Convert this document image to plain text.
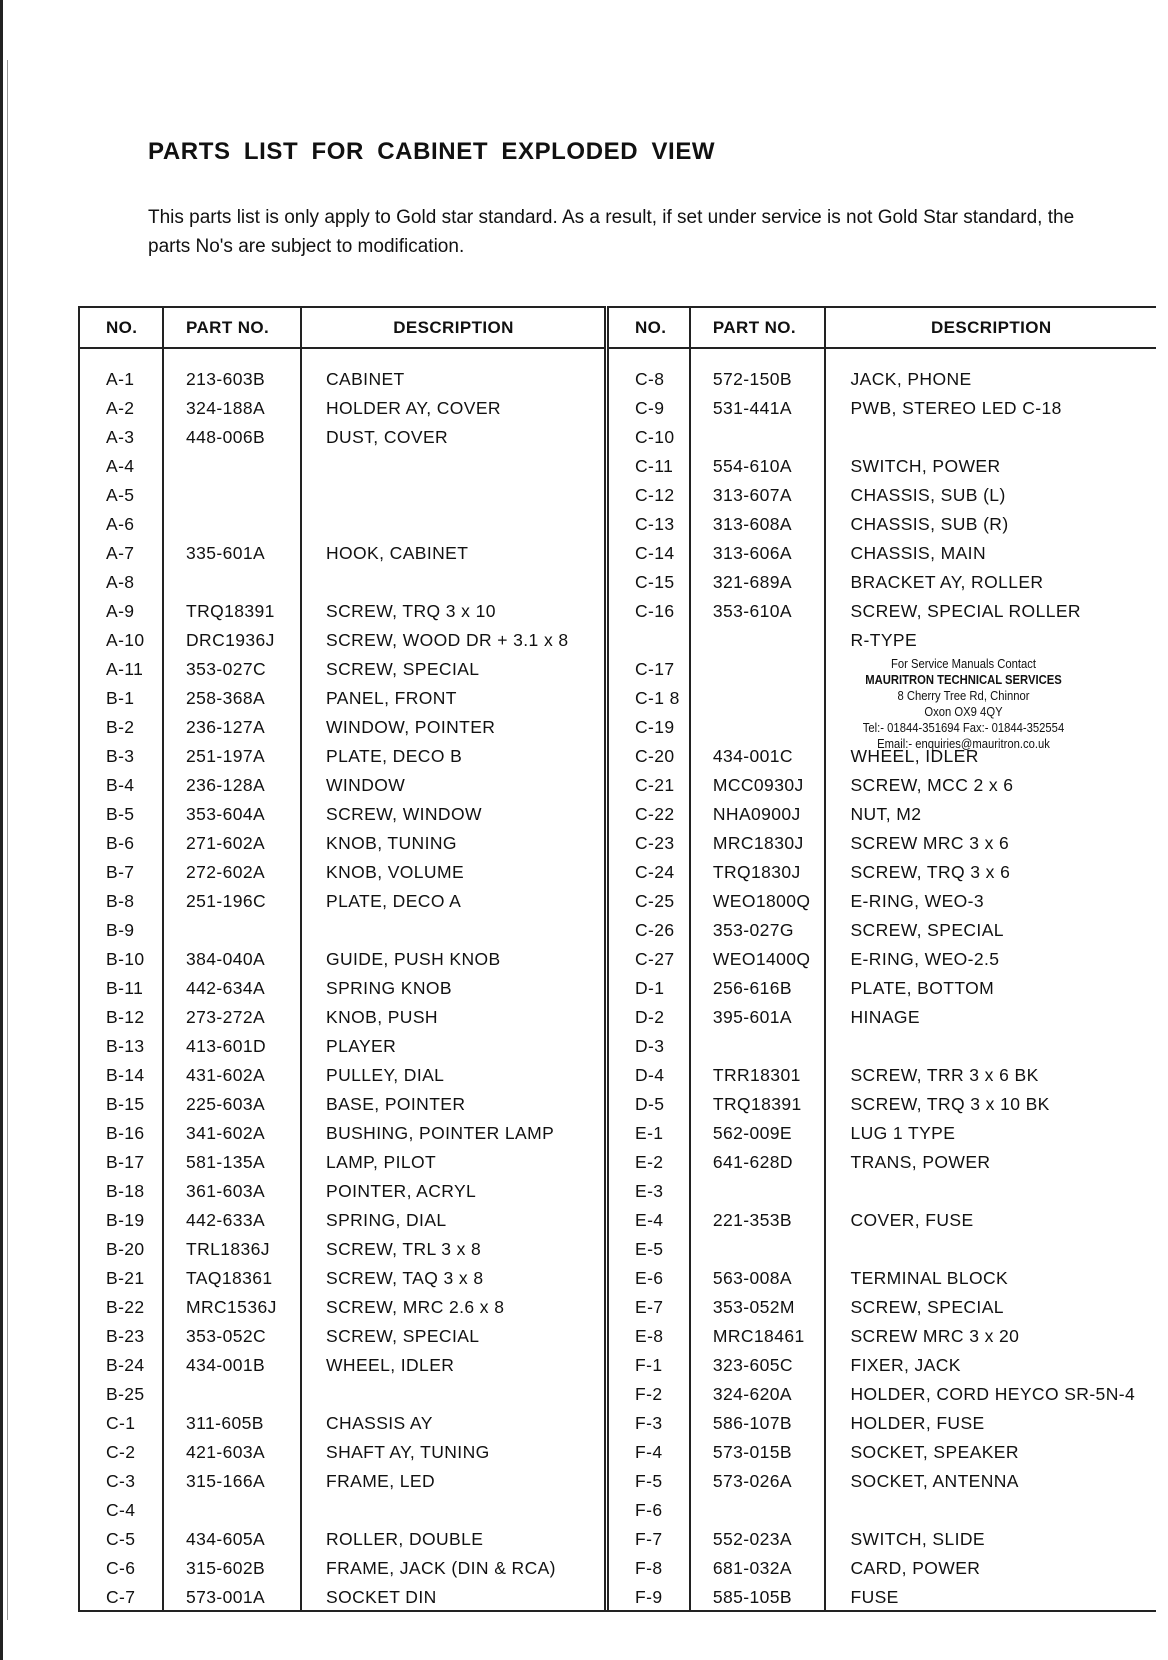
PARTS LIST FOR CABINET EXPLODED VIEW

This parts list is only apply to Gold star standard. As a result, if set under service is not Gold Star standard, the parts No's are subject to modification.

NO.	PART NO.	DESCRIPTION
A-1	213-603B	CABINET
A-2	324-188A	HOLDER AY, COVER
A-3	448-006B	DUST, COVER
A-4		
A-5		
A-6		
A-7	335-601A	HOOK, CABINET
A-8		
A-9	TRQ18391	SCREW, TRQ 3 x 10
A-10	DRC1936J	SCREW, WOOD DR + 3.1 x 8
A-11	353-027C	SCREW, SPECIAL
B-1	258-368A	PANEL, FRONT
B-2	236-127A	WINDOW, POINTER
B-3	251-197A	PLATE, DECO B
B-4	236-128A	WINDOW
B-5	353-604A	SCREW, WINDOW
B-6	271-602A	KNOB, TUNING
B-7	272-602A	KNOB, VOLUME
B-8	251-196C	PLATE, DECO A
B-9		
B-10	384-040A	GUIDE, PUSH KNOB
B-11	442-634A	SPRING KNOB
B-12	273-272A	KNOB, PUSH
B-13	413-601D	PLAYER
B-14	431-602A	PULLEY, DIAL
B-15	225-603A	BASE, POINTER
B-16	341-602A	BUSHING, POINTER LAMP
B-17	581-135A	LAMP, PILOT
B-18	361-603A	POINTER, ACRYL
B-19	442-633A	SPRING, DIAL
B-20	TRL1836J	SCREW, TRL 3 x 8
B-21	TAQ18361	SCREW, TAQ 3 x 8
B-22	MRC1536J	SCREW, MRC 2.6 x 8
B-23	353-052C	SCREW, SPECIAL
B-24	434-001B	WHEEL, IDLER
B-25		
C-1	311-605B	CHASSIS AY
C-2	421-603A	SHAFT AY, TUNING
C-3	315-166A	FRAME, LED
C-4		
C-5	434-605A	ROLLER, DOUBLE
C-6	315-602B	FRAME, JACK (DIN & RCA)
C-7	573-001A	SOCKET DIN
NO.	PART NO.	DESCRIPTION
C-8	572-150B	JACK, PHONE
C-9	531-441A	PWB, STEREO LED C-18
C-10		
C-11	554-610A	SWITCH, POWER
C-12	313-607A	CHASSIS, SUB (L)
C-13	313-608A	CHASSIS, SUB (R)
C-14	313-606A	CHASSIS, MAIN
C-15	321-689A	BRACKET AY, ROLLER
C-16	353-610A	SCREW, SPECIAL ROLLER
		R-TYPE
C-17		
C-1 8		
C-19		
C-20	434-001C	WHEEL, IDLER
C-21	MCC0930J	SCREW, MCC 2 x 6
C-22	NHA0900J	NUT, M2
C-23	MRC1830J	SCREW MRC 3 x 6
C-24	TRQ1830J	SCREW, TRQ 3 x 6
C-25	WEO1800Q	E-RING, WEO-3
C-26	353-027G	SCREW, SPECIAL
C-27	WEO1400Q	E-RING, WEO-2.5
D-1	256-616B	PLATE, BOTTOM
D-2	395-601A	HINAGE
D-3		
D-4	TRR18301	SCREW, TRR 3 x 6 BK
D-5	TRQ18391	SCREW, TRQ 3 x 10 BK
E-1	562-009E	LUG 1 TYPE
E-2	641-628D	TRANS, POWER
E-3		
E-4	221-353B	COVER, FUSE
E-5		
E-6	563-008A	TERMINAL BLOCK
E-7	353-052M	SCREW, SPECIAL
E-8	MRC18461	SCREW MRC 3 x 20
F-1	323-605C	FIXER, JACK
F-2	324-620A	HOLDER, CORD HEYCO SR-5N-4
F-3	586-107B	HOLDER, FUSE
F-4	573-015B	SOCKET, SPEAKER
F-5	573-026A	SOCKET, ANTENNA
F-6		
F-7	552-023A	SWITCH, SLIDE
F-8	681-032A	CARD, POWER
F-9	585-105B	FUSE
For Service Manuals Contact
MAURITRON TECHNICAL SERVICES
8 Cherry Tree Rd, Chinnor
Oxon OX9 4QY
Tel:- 01844-351694 Fax:- 01844-352554
Email:- enquiries@mauritron.co.uk
